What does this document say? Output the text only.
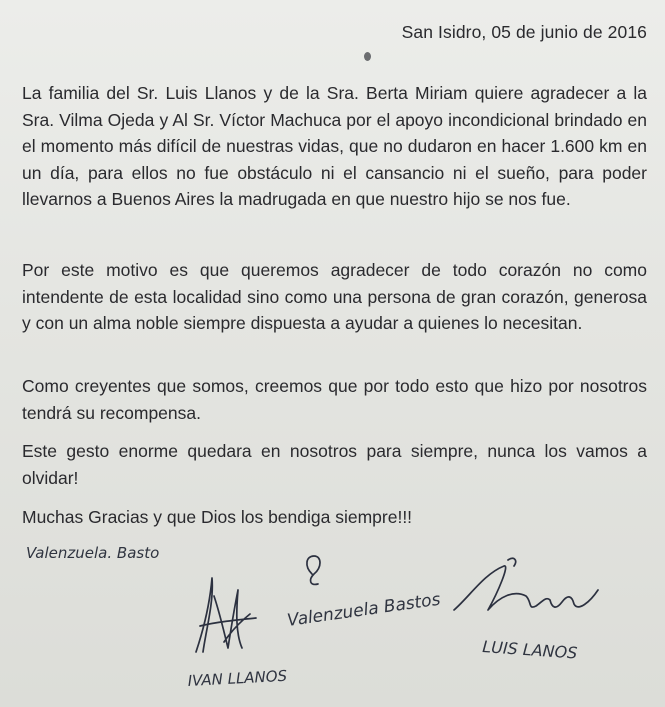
San Isidro, 05 de junio de 2016

La familia del Sr. Luis Llanos y de la Sra. Berta Miriam quiere agradecer a la Sra. Vilma Ojeda y Al Sr. Víctor Machuca por el apoyo incondicional brindado en el momento más difícil de nuestras vidas, que no dudaron en hacer 1.600 km en un día, para ellos no fue obstáculo ni el cansancio ni el sueño, para poder llevarnos a Buenos Aires la madrugada en que nuestro hijo se nos fue.

Por este motivo es que queremos agradecer de todo corazón no como intendente de esta localidad sino como una persona de gran corazón, generosa y con un alma noble siempre dispuesta a ayudar a quienes lo necesitan.

Como creyentes que somos, creemos que por todo esto que hizo por nosotros tendrá su recompensa.

Este gesto enorme quedara en nosotros para siempre, nunca los vamos a olvidar!

Muchas Gracias y que Dios los bendiga siempre!!!

Valenzuela. Basto
Valenzuela Bastos
LUIS LANOS
IVAN LLANOS
